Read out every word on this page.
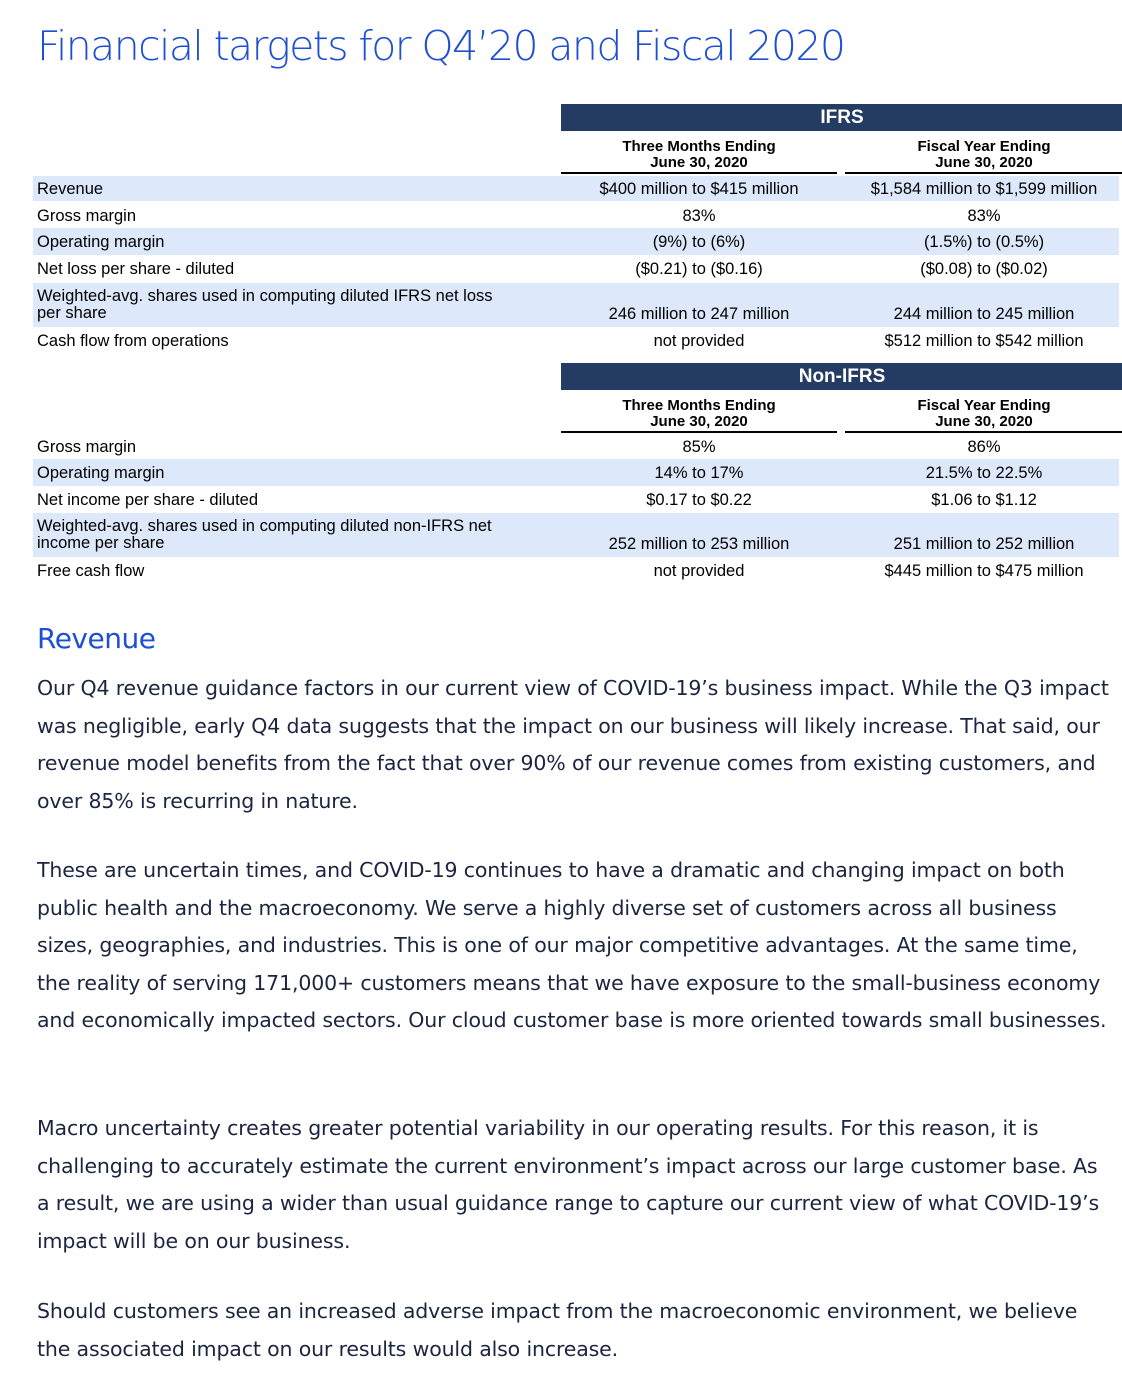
Financial targets for Q4’20 and Fiscal 2020
IFRS
Three Months Ending
June 30, 2020
Fiscal Year Ending
June 30, 2020
Revenue	$400 million to $415 million	$1,584 million to $1,599 million
Gross margin	83%	83%
Operating margin	(9%) to (6%)	(1.5%) to (0.5%)
Net loss per share - diluted	($0.21) to ($0.16)	($0.08) to ($0.02)
Weighted-avg. shares used in computing diluted IFRS net loss
per share	246 million to 247 million	244 million to 245 million
Cash flow from operations	not provided	$512 million to $542 million
Non-IFRS
Three Months Ending
June 30, 2020
Fiscal Year Ending
June 30, 2020
Gross margin	85%	86%
Operating margin	14% to 17%	21.5% to 22.5%
Net income per share - diluted	$0.17 to $0.22	$1.06 to $1.12
Weighted-avg. shares used in computing diluted non-IFRS net
income per share	252 million to 253 million	251 million to 252 million
Free cash flow	not provided	$445 million to $475 million
Revenue

Our Q4 revenue guidance factors in our current view of COVID-19’s business impact. While the Q3 impact was negligible, early Q4 data suggests that the impact on our business will likely increase. That said, our revenue model benefits from the fact that over 90% of our revenue comes from existing customers, and over 85% is recurring in nature.

These are uncertain times, and COVID-19 continues to have a dramatic and changing impact on both public health and the macroeconomy. We serve a highly diverse set of customers across all business sizes, geographies, and industries. This is one of our major competitive advantages. At the same time, the reality of serving 171,000+ customers means that we have exposure to the small-business economy and economically impacted sectors. Our cloud customer base is more oriented towards small businesses.

Macro uncertainty creates greater potential variability in our operating results. For this reason, it is challenging to accurately estimate the current environment’s impact across our large customer base. As a result, we are using a wider than usual guidance range to capture our current view of what COVID-19’s impact will be on our business.

Should customers see an increased adverse impact from the macroeconomic environment, we believe the associated impact on our results would also increase.
